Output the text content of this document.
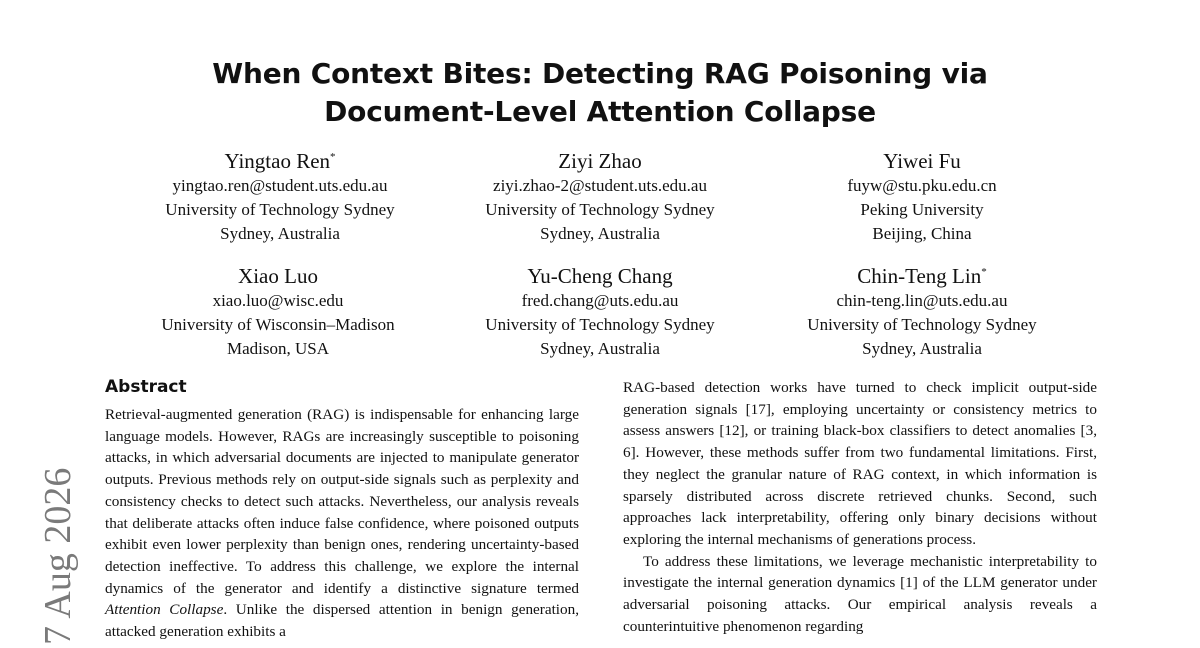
When Context Bites: Detecting RAG Poisoning via
Document-Level Attention Collapse
Yingtao Ren*
yingtao.ren@student.uts.edu.au
University of Technology Sydney
Sydney, Australia
Ziyi Zhao
ziyi.zhao-2@student.uts.edu.au
University of Technology Sydney
Sydney, Australia
Yiwei Fu
fuyw@stu.pku.edu.cn
Peking University
Beijing, China
Xiao Luo
xiao.luo@wisc.edu
University of Wisconsin–Madison
Madison, USA
Yu-Cheng Chang
fred.chang@uts.edu.au
University of Technology Sydney
Sydney, Australia
Chin-Teng Lin*
chin-teng.lin@uts.edu.au
University of Technology Sydney
Sydney, Australia
7 Aug 2026
Abstract

Retrieval-augmented generation (RAG) is indispensable for enhancing large language models. However, RAGs are increasingly susceptible to poisoning attacks, in which adversarial documents are injected to manipulate generator outputs. Previous methods rely on output-side signals such as perplexity and consistency checks to detect such attacks. Nevertheless, our analysis reveals that deliberate attacks often induce false confidence, where poisoned outputs exhibit even lower perplexity than benign ones, rendering uncertainty-based detection ineffective. To address this challenge, we explore the internal dynamics of the generator and identify a distinctive signature termed Attention Collapse. Unlike the dispersed attention in benign generation, attacked generation exhibits a

RAG-based detection works have turned to check implicit output-side generation signals [17], employing uncertainty or consistency metrics to assess answers [12], or training black-box classifiers to detect anomalies [3, 6]. However, these methods suffer from two fundamental limitations. First, they neglect the granular nature of RAG context, in which information is sparsely distributed across discrete retrieved chunks. Second, such approaches lack interpretability, offering only binary decisions without exploring the internal mechanisms of generations process.

To address these limitations, we leverage mechanistic interpretability to investigate the internal generation dynamics [1] of the LLM generator under adversarial poisoning attacks. Our empirical analysis reveals a counterintuitive phenomenon regarding
